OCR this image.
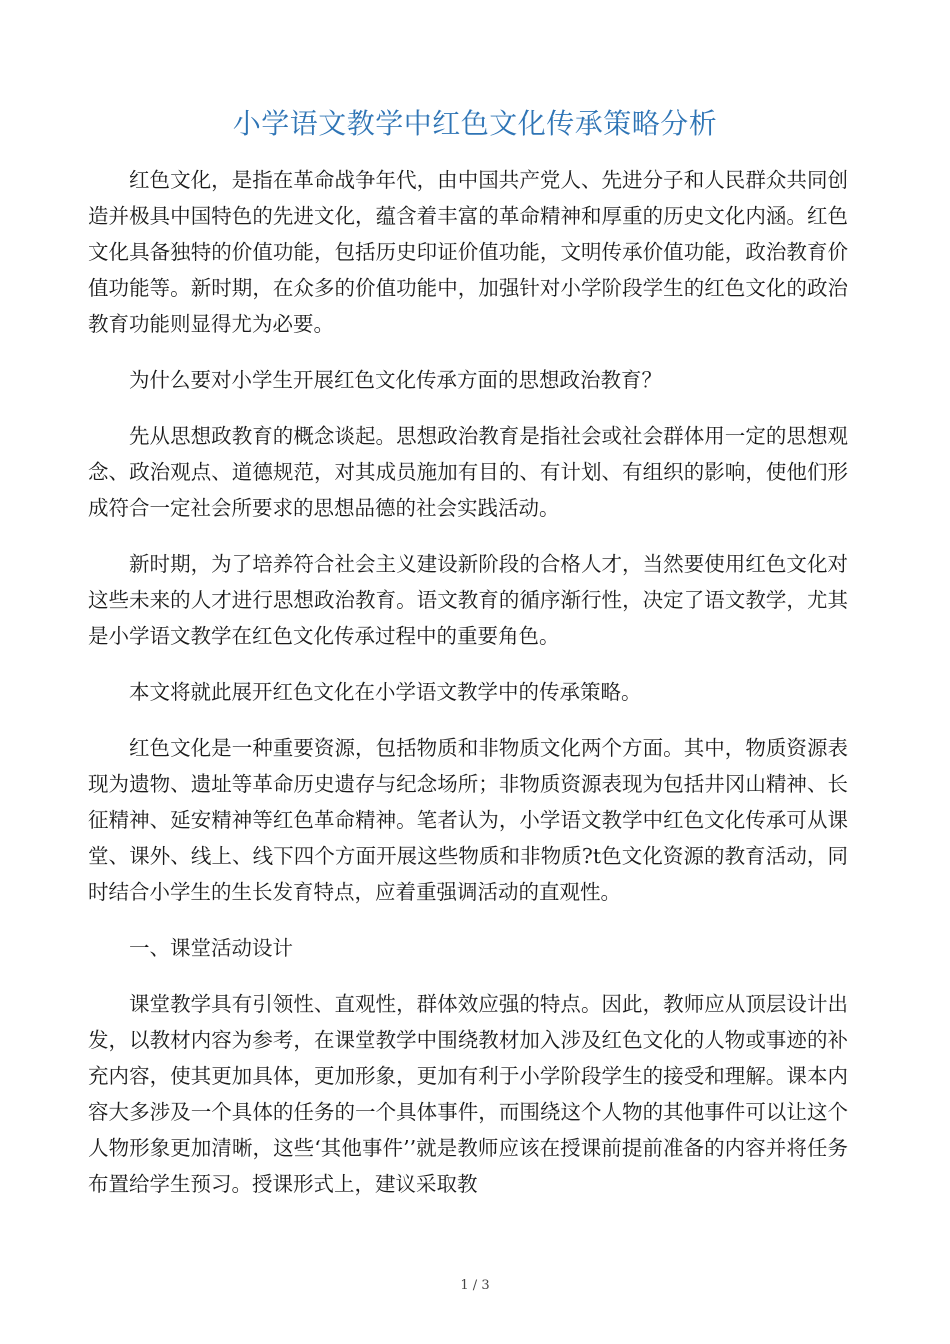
小学语文教学中红色文化传承策略分析

红色文化，是指在革命战争年代，由中国共产党人、先进分子和人民群众共同创造并极具中国特色的先进文化，蕴含着丰富的革命精神和厚重的历史文化内涵。红色文化具备独特的价值功能，包括历史印证价值功能，文明传承价值功能，政治教育价值功能等。新时期，在众多的价值功能中，加强针对小学阶段学生的红色文化的政治教育功能则显得尤为必要。

为什么要对小学生开展红色文化传承方面的思想政治教育？

先从思想政教育的概念谈起。思想政治教育是指社会或社会群体用一定的思想观念、政治观点、道德规范，对其成员施加有目的、有计划、有组织的影响，使他们形成符合一定社会所要求的思想品德的社会实践活动。

新时期，为了培养符合社会主义建设新阶段的合格人才，当然要使用红色文化对这些未来的人才进行思想政治教育。语文教育的循序渐行性，决定了语文教学，尤其是小学语文教学在红色文化传承过程中的重要角色。

本文将就此展开红色文化在小学语文教学中的传承策略。

红色文化是一种重要资源，包括物质和非物质文化两个方面。其中，物质资源表现为遗物、遗址等革命历史遗存与纪念场所；非物质资源表现为包括井冈山精神、长征精神、延安精神等红色革命精神。笔者认为，小学语文教学中红色文化传承可从课堂、课外、线上、线下四个方面开展这些物质和非物质?t色文化资源的教育活动，同时结合小学生的生长发育特点，应着重强调活动的直观性。

一、课堂活动设计

课堂教学具有引领性、直观性，群体效应强的特点。因此，教师应从顶层设计出发，以教材内容为参考，在课堂教学中围绕教材加入涉及红色文化的人物或事迹的补充内容，使其更加具体，更加形象，更加有利于小学阶段学生的接受和理解。课本内容大多涉及一个具体的任务的一个具体事件，而围绕这个人物的其他事件可以让这个人物形象更加清晰，这些‘其他事件’’就是教师应该在授课前提前准备的内容并将任务布置给学生预习。授课形式上，建议采取教

1 / 3
